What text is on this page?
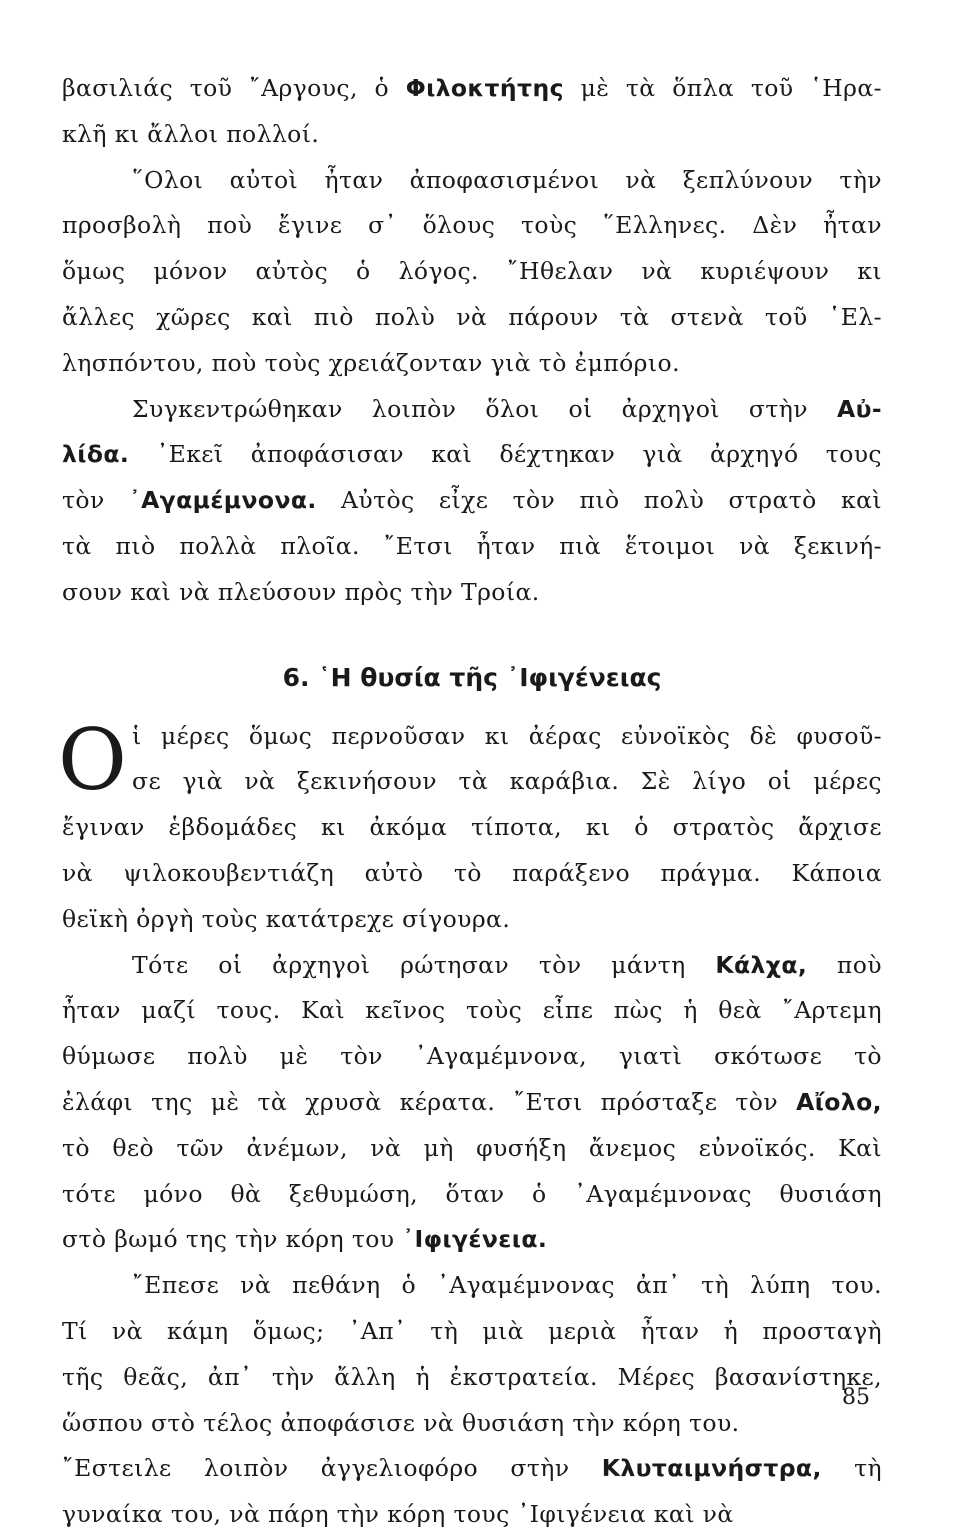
βασιλιάς τοῦ ῎Αργους, ὁ Φιλοκτήτης μὲ τὰ ὅπλα τοῦ ῾Ηρα-
κλῆ κι ἄλλοι πολλοί.
῞Ολοι αὐτοὶ ἦταν ἀποφασισμένοι νὰ ξεπλύνουν τὴν
προσβολὴ ποὺ ἔγινε σ᾽ ὅλους τοὺς ῞Ελληνες. Δὲν ἦταν
ὅμως μόνον αὐτὸς ὁ λόγος. ῎Ηθελαν νὰ κυριέψουν κι
ἄλλες χῶρες καὶ πιὸ πολὺ νὰ πάρουν τὰ στενὰ τοῦ ῾Ελ-
λησπόντου, ποὺ τοὺς χρειάζονταν γιὰ τὸ ἐμπόριο.
Συγκεντρώθηκαν λοιπὸν ὅλοι οἱ ἀρχηγοὶ στὴν Αὐ-
λίδα. ᾽Εκεῖ ἀποφάσισαν καὶ δέχτηκαν γιὰ ἀρχηγό τους
τὸν ᾽Αγαμέμνονα. Αὐτὸς εἶχε τὸν πιὸ πολὺ στρατὸ καὶ
τὰ πιὸ πολλὰ πλοῖα. ῎Ετσι ἦταν πιὰ ἕτοιμοι νὰ ξεκινή-
σουν καὶ νὰ πλεύσουν πρὸς τὴν Τροία.
6. ῾Η θυσία τῆς ᾽Ιφιγένειας
O ἱ μέρες ὅμως περνοῦσαν κι ἀέρας εὐνοϊκὸς δὲ φυσοῦ-
σε γιὰ νὰ ξεκινήσουν τὰ καράβια. Σὲ λίγο οἱ μέρες
ἔγιναν ἑβδομάδες κι ἀκόμα τίποτα, κι ὁ στρατὸς ἄρχισε
νὰ ψιλοκουβεντιάζη αὐτὸ τὸ παράξενο πράγμα. Κάποια
θεϊκὴ ὀργὴ τοὺς κατάτρεχε σίγουρα.
Τότε οἱ ἀρχηγοὶ ρώτησαν τὸν μάντη Κάλχα, ποὺ
ἦταν μαζί τους. Καὶ κεῖνος τοὺς εἶπε πὼς ἡ θεὰ ῎Αρτεμη
θύμωσε πολὺ μὲ τὸν ᾽Αγαμέμνονα, γιατὶ σκότωσε τὸ
ἐλάφι της μὲ τὰ χρυσὰ κέρατα. ῎Ετσι πρόσταξε τὸν Αἴολο,
τὸ θεὸ τῶν ἀνέμων, νὰ μὴ φυσήξη ἄνεμος εὐνοϊκός. Καὶ
τότε μόνο θὰ ξεθυμώση, ὅταν ὁ ᾽Αγαμέμνονας θυσιάση
στὸ βωμό της τὴν κόρη του ᾽Ιφιγένεια.
῎Επεσε νὰ πεθάνη ὁ ᾽Αγαμέμνονας ἀπ᾽ τὴ λύπη του.
Τί νὰ κάμη ὅμως; ᾽Απ᾽ τὴ μιὰ μεριὰ ἦταν ἡ προσταγὴ
τῆς θεᾶς, ἀπ᾽ τὴν ἄλλη ἡ ἐκστρατεία. Μέρες βασανίστηκε,
ὥσπου στὸ τέλος ἀποφάσισε νὰ θυσιάση τὴν κόρη του.
῎Εστειλε λοιπὸν ἀγγελιοφόρο στὴν Κλυταιμνήστρα, τὴ
γυναίκα του, νὰ πάρη τὴν κόρη τους ᾽Ιφιγένεια καὶ νὰ
85
